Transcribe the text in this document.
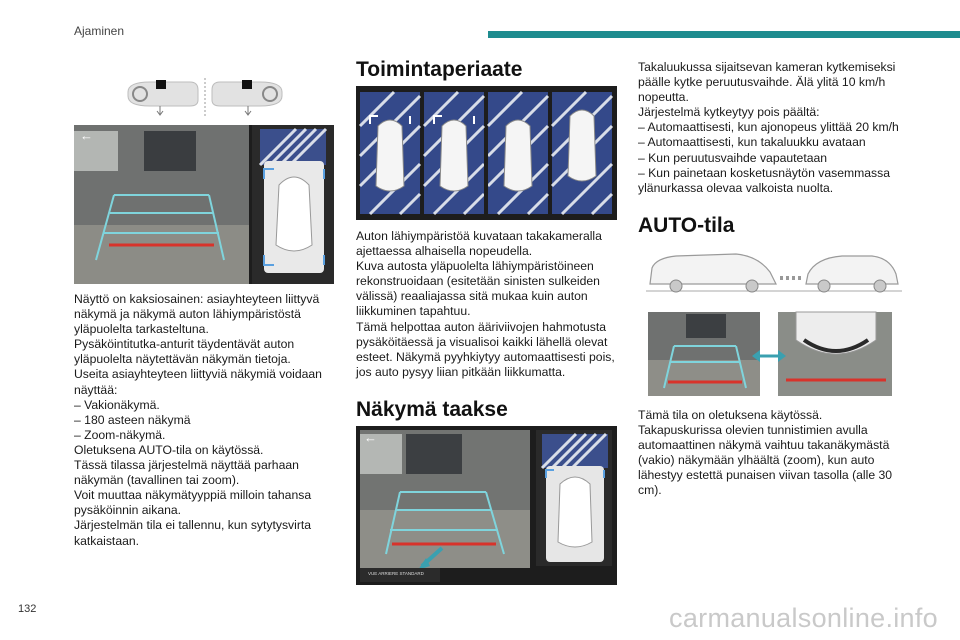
Ajaminen
←
Näyttö on kaksiosainen: asiayhteyteen liittyvä
näkymä ja näkymä auton lähiympäristöstä
yläpuolelta tarkasteltuna.
Pysäköintitutka-anturit täydentävät auton
yläpuolelta näytettävän näkymän tietoja.
Useita asiayhteyteen liittyviä näkymiä voidaan
näyttää:
– Vakionäkymä.
– 180 asteen näkymä
– Zoom-näkymä.
Oletuksena AUTO-tila on käytössä.
Tässä tilassa järjestelmä näyttää parhaan
näkymän (tavallinen tai zoom).
Voit muuttaa näkymätyyppiä milloin tahansa
pysäköinnin aikana.
Järjestelmän tila ei tallennu, kun sytytysvirta
katkaistaan.
Toimintaperiaate
Auton lähiympäristöä kuvataan takakameralla
ajettaessa alhaisella nopeudella.
Kuva autosta yläpuolelta lähiympäristöineen
rekonstruoidaan (esitetään sinisten sulkeiden
välissä) reaaliajassa sitä mukaa kuin auton
liikkuminen tapahtuu.
Tämä helpottaa auton ääriviivojen hahmotusta
pysäköitäessä ja visualisoi kaikki lähellä olevat
esteet. Näkymä pyyhkiytyy automaattisesti pois,
jos auto pysyy liian pitkään liikkumatta.
Näkymä taakse
←
VUE ARRIERE STANDARD
Takaluukussa sijaitsevan kameran kytkemiseksi
päälle kytke peruutusvaihde. Älä ylitä 10 km/h
nopeutta.
Järjestelmä kytkeytyy pois päältä:
– Automaattisesti, kun ajonopeus ylittää 20 km/h
– Automaattisesti, kun takaluukku avataan
– Kun peruutusvaihde vapautetaan
– Kun painetaan kosketusnäytön vasemmassa
ylänurkassa olevaa valkoista nuolta.
AUTO-tila
Tämä tila on oletuksena käytössä.
Takapuskurissa olevien tunnistimien avulla
automaattinen näkymä vaihtuu takanäkymästä
(vakio) näkymään ylhäältä (zoom), kun auto
lähestyy estettä punaisen viivan tasolla (alle 30
cm).
132	carmanualsonline.info
